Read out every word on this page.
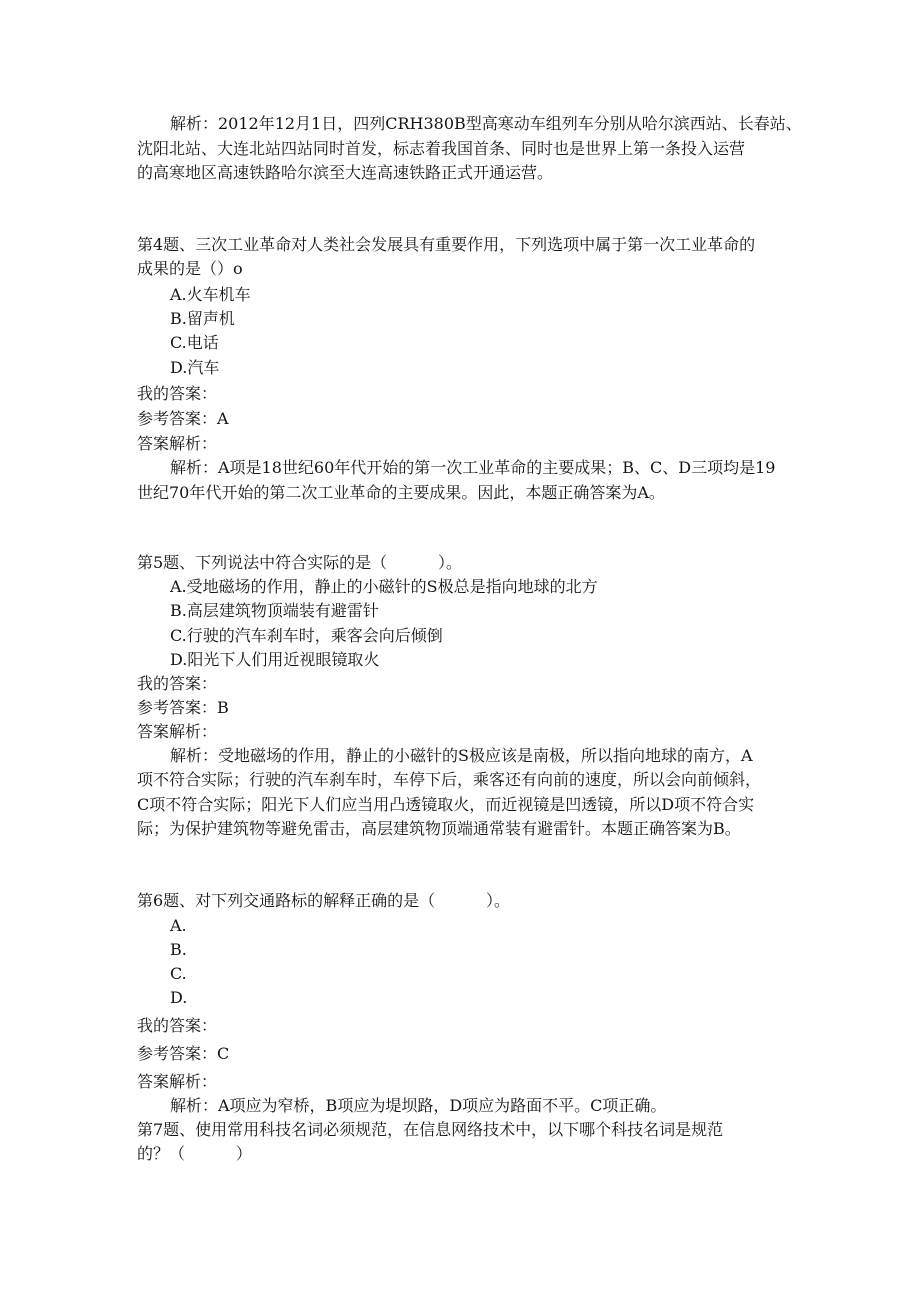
解析：2012年12月1日，四列CRH380B型高寒动车组列车分别从哈尔滨西站、长春站、

沈阳北站、大连北站四站同时首发，标志着我国首条、同时也是世界上第一条投入运营

的高寒地区高速铁路哈尔滨至大连高速铁路正式开通运营。

第4题、三次工业革命对人类社会发展具有重要作用，下列选项中属于第一次工业革命的

成果的是（）o

A.火车机车

B.留声机

C.电话

D.汽车

我的答案：

参考答案：A

答案解析：

解析：A项是18世纪60年代开始的第一次工业革命的主要成果；B、C、D三项均是19

世纪70年代开始的第二次工业革命的主要成果。因此，本题正确答案为A。

第5题、下列说法中符合实际的是（          ）。

A.受地磁场的作用，静止的小磁针的S极总是指向地球的北方

B.高层建筑物顶端装有避雷针

C.行驶的汽车刹车时，乘客会向后倾倒

D.阳光下人们用近视眼镜取火

我的答案：

参考答案：B

答案解析：

解析：受地磁场的作用，静止的小磁针的S极应该是南极，所以指向地球的南方，A

项不符合实际；行驶的汽车刹车时，车停下后，乘客还有向前的速度，所以会向前倾斜，

C项不符合实际；阳光下人们应当用凸透镜取火，而近视镜是凹透镜，所以D项不符合实

际；为保护建筑物等避免雷击，高层建筑物顶端通常装有避雷针。本题正确答案为B。

第6题、对下列交通路标的解释正确的是（          ）。

A.

B.

C.

D.

我的答案：

参考答案：C

答案解析：

解析：A项应为窄桥，B项应为堤坝路，D项应为路面不平。C项正确。

第7题、使用常用科技名词必须规范，在信息网络技术中，以下哪个科技名词是规范

的？（          ）
